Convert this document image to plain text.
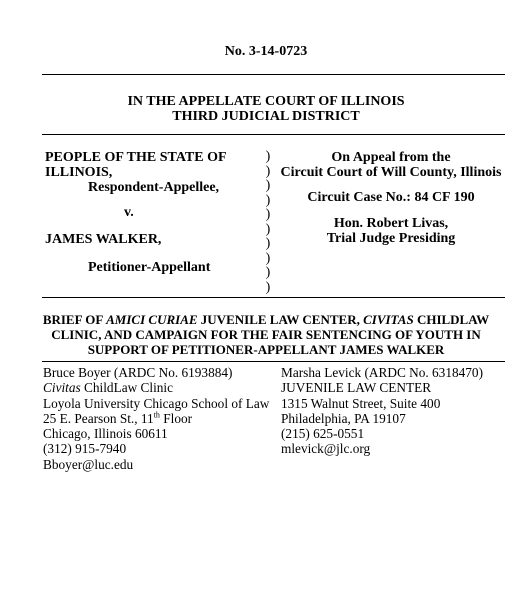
No. 3-14-0723
IN THE APPELLATE COURT OF ILLINOIS
THIRD JUDICIAL DISTRICT
PEOPLE OF THE STATE OF
ILLINOIS,
Respondent-Appellee,
v.
JAMES WALKER,
Petitioner-Appellant
)
)
)
)
)
)
)
)
)
)
On Appeal from the
Circuit Court of Will County, Illinois
Circuit Case No.: 84 CF 190
Hon. Robert Livas,
Trial Judge Presiding
BRIEF OF AMICI CURIAE JUVENILE LAW CENTER, CIVITAS CHILDLAW
CLINIC, AND CAMPAIGN FOR THE FAIR SENTENCING OF YOUTH IN
SUPPORT OF PETITIONER-APPELLANT JAMES WALKER
Bruce Boyer (ARDC No. 6193884)
Civitas ChildLaw Clinic
Loyola University Chicago School of Law
25 E. Pearson St., 11th Floor
Chicago, Illinois 60611
(312) 915-7940
Bboyer@luc.edu
Marsha Levick (ARDC No. 6318470)
JUVENILE LAW CENTER
1315 Walnut Street, Suite 400
Philadelphia, PA 19107
(215) 625-0551
mlevick@jlc.org
